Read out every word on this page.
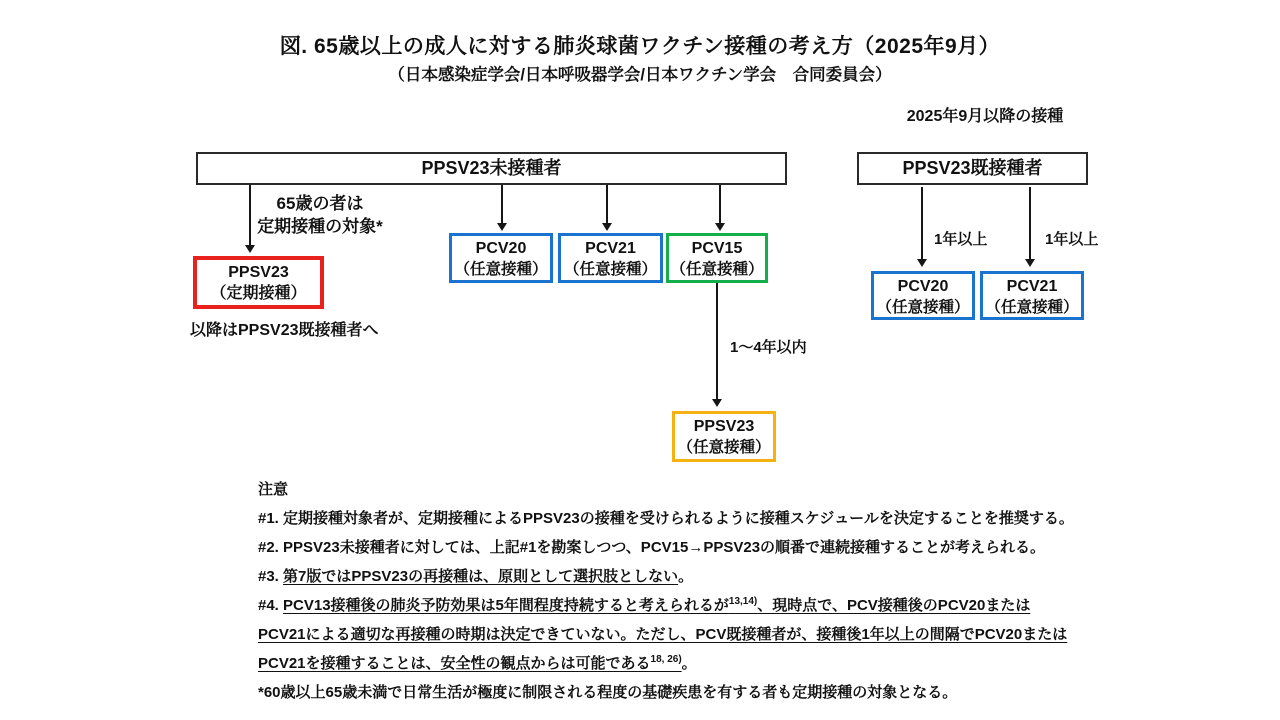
図. 65歳以上の成人に対する肺炎球菌ワクチン接種の考え方（2025年9月）
（日本感染症学会/日本呼吸器学会/日本ワクチン学会　合同委員会）
2025年9月以降の接種
PPSV23未接種者	PPSV23既接種者
65歳の者は
定期接種の対象*
以降はPPSV23既接種者へ
1～4年以内
1年以上	1年以上
PPSV23
（定期接種）
PCV20
（任意接種）
PCV21
（任意接種）
PCV15
（任意接種）
PPSV23
（任意接種）
PCV20
（任意接種）
PCV21
（任意接種）
注意
#1. 定期接種対象者が、定期接種によるPPSV23の接種を受けられるように接種スケジュールを決定することを推奨する。
#2. PPSV23未接種者に対しては、上記#1を勘案しつつ、PCV15→PPSV23の順番で連続接種することが考えられる。
#3. 第7版ではPPSV23の再接種は、原則として選択肢としない。
#4. PCV13接種後の肺炎予防効果は5年間程度持続すると考えられるが$^{13,14)}$、現時点で、PCV接種後のPCV20または
PCV21による適切な再接種の時期は決定できていない。ただし、PCV既接種者が、接種後1年以上の間隔でPCV20または
PCV21を接種することは、安全性の観点からは可能である$^{18, 26)}$。
*60歳以上65歳未満で日常生活が極度に制限される程度の基礎疾患を有する者も定期接種の対象となる。
